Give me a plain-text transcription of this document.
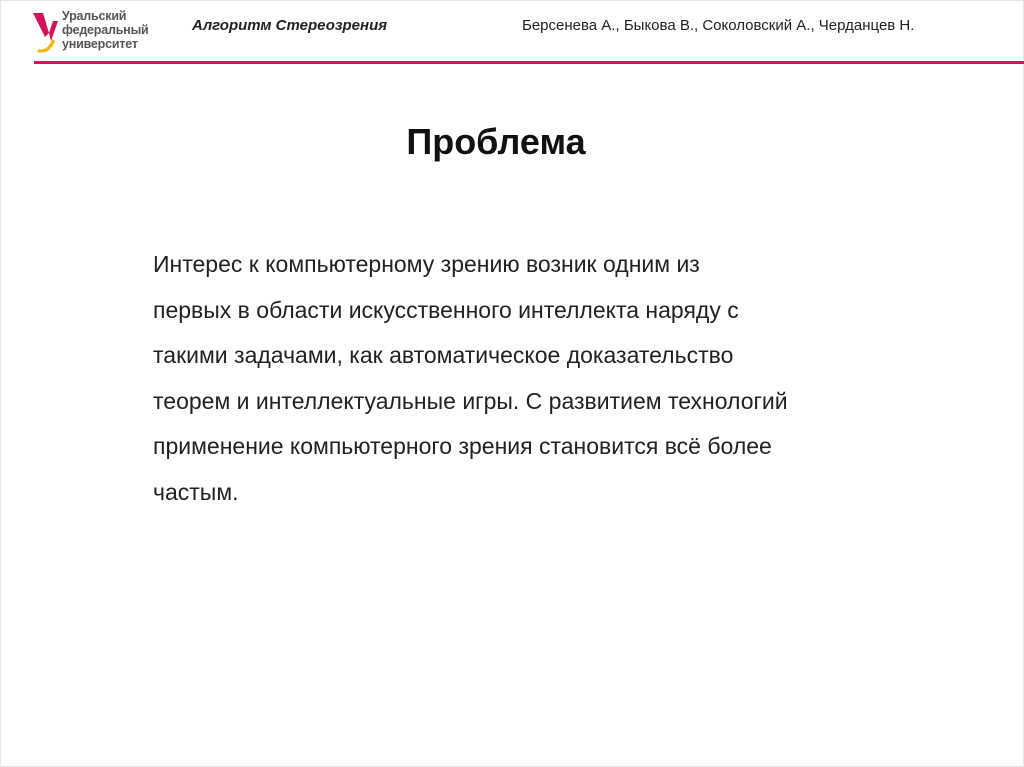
Уральский
федеральный
университет
Алгоритм Стереозрения	Берсенева А., Быкова В., Соколовский А., Черданцев Н.
Проблема
Интерес к компьютерному зрению возник одним из
первых в области искусственного интеллекта наряду с
такими задачами, как автоматическое доказательство
теорем и интеллектуальные игры. С развитием технологий
применение компьютерного зрения становится всё более
частым.
